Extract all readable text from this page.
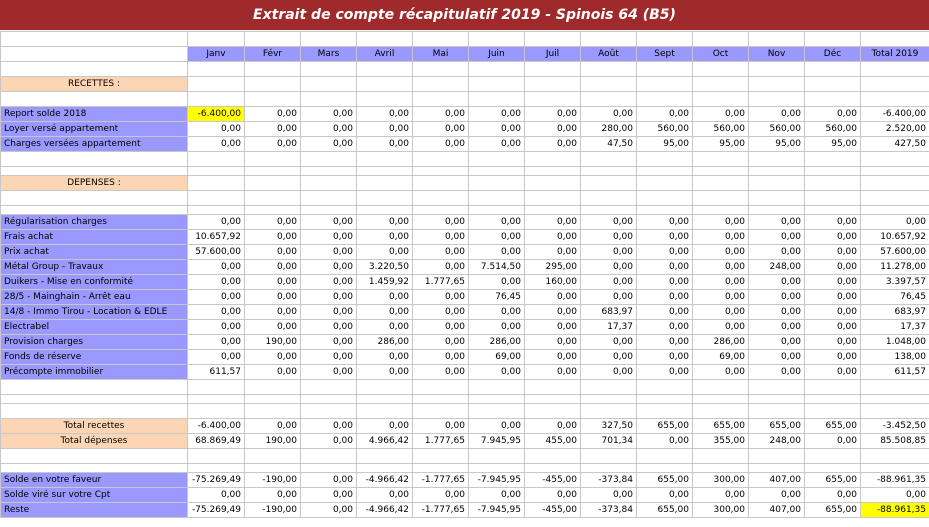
Extrait de compte récapitulatif 2019 - Spinois 64 (B5)

	Janv	Févr	Mars	Avril	Mai	Juin	Juil	Août	Sept	Oct	Nov	Déc	Total 2019

RECETTES :													

Report solde 2018	-6.400,00	0,00	0,00	0,00	0,00	0,00	0,00	0,00	0,00	0,00	0,00	0,00	-6.400,00
Loyer versé appartement	0,00	0,00	0,00	0,00	0,00	0,00	0,00	280,00	560,00	560,00	560,00	560,00	2.520,00
Charges versées appartement	0,00	0,00	0,00	0,00	0,00	0,00	0,00	47,50	95,00	95,00	95,00	95,00	427,50

DEPENSES :													

Régularisation charges	0,00	0,00	0,00	0,00	0,00	0,00	0,00	0,00	0,00	0,00	0,00	0,00	0,00
Frais achat	10.657,92	0,00	0,00	0,00	0,00	0,00	0,00	0,00	0,00	0,00	0,00	0,00	10.657,92
Prix achat	57.600,00	0,00	0,00	0,00	0,00	0,00	0,00	0,00	0,00	0,00	0,00	0,00	57.600,00
Métal Group - Travaux	0,00	0,00	0,00	3.220,50	0,00	7.514,50	295,00	0,00	0,00	0,00	248,00	0,00	11.278,00
Duikers - Mise en conformité	0,00	0,00	0,00	1.459,92	1.777,65	0,00	160,00	0,00	0,00	0,00	0,00	0,00	3.397,57
28/5 - Mainghain - Arrêt eau	0,00	0,00	0,00	0,00	0,00	76,45	0,00	0,00	0,00	0,00	0,00	0,00	76,45
14/8 - Immo Tirou - Location & EDLE	0,00	0,00	0,00	0,00	0,00	0,00	0,00	683,97	0,00	0,00	0,00	0,00	683,97
Electrabel	0,00	0,00	0,00	0,00	0,00	0,00	0,00	17,37	0,00	0,00	0,00	0,00	17,37
Provision charges	0,00	190,00	0,00	286,00	0,00	286,00	0,00	0,00	0,00	286,00	0,00	0,00	1.048,00
Fonds de réserve	0,00	0,00	0,00	0,00	0,00	69,00	0,00	0,00	0,00	69,00	0,00	0,00	138,00
Précompte immobilier	611,57	0,00	0,00	0,00	0,00	0,00	0,00	0,00	0,00	0,00	0,00	0,00	611,57

Total recettes	-6.400,00	0,00	0,00	0,00	0,00	0,00	0,00	327,50	655,00	655,00	655,00	655,00	-3.452,50
Total dépenses	68.869,49	190,00	0,00	4.966,42	1.777,65	7.945,95	455,00	701,34	0,00	355,00	248,00	0,00	85.508,85

Solde en votre faveur	-75.269,49	-190,00	0,00	-4.966,42	-1.777,65	-7.945,95	-455,00	-373,84	655,00	300,00	407,00	655,00	-88.961,35
Solde viré sur votre Cpt	0,00	0,00	0,00	0,00	0,00	0,00	0,00	0,00	0,00	0,00	0,00	0,00	0,00
Reste	-75.269,49	-190,00	0,00	-4.966,42	-1.777,65	-7.945,95	-455,00	-373,84	655,00	300,00	407,00	655,00	-88.961,35
